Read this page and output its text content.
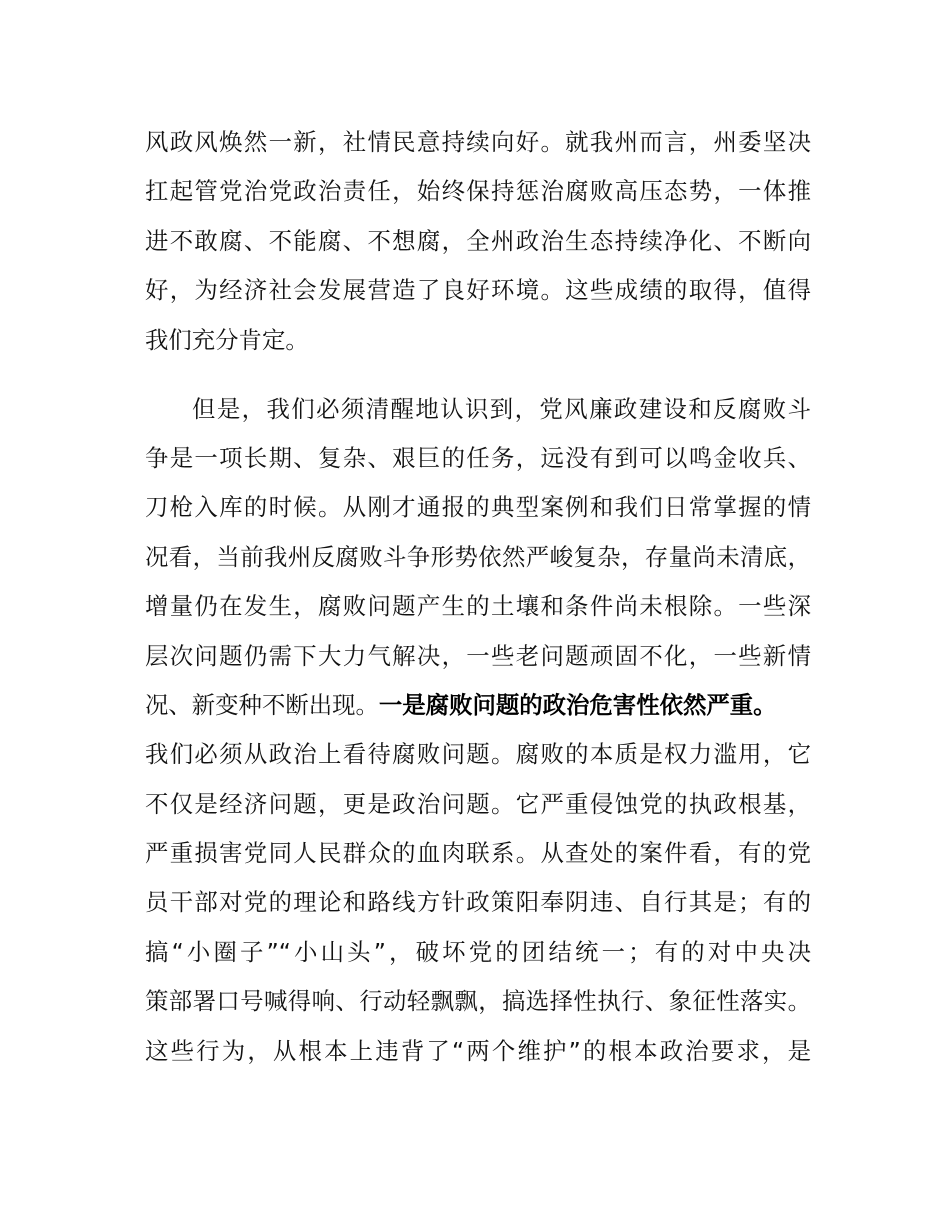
风政风焕然一新，社情民意持续向好。就我州而言，州委坚决
扛起管党治党政治责任，始终保持惩治腐败高压态势，一体推
进不敢腐、不能腐、不想腐，全州政治生态持续净化、不断向
好，为经济社会发展营造了良好环境。这些成绩的取得，值得
我们充分肯定。
但是，我们必须清醒地认识到，党风廉政建设和反腐败斗
争是一项长期、复杂、艰巨的任务，远没有到可以鸣金收兵、
刀枪入库的时候。从刚才通报的典型案例和我们日常掌握的情
况看，当前我州反腐败斗争形势依然严峻复杂，存量尚未清底，
增量仍在发生，腐败问题产生的土壤和条件尚未根除。一些深
层次问题仍需下大力气解决，一些老问题顽固不化，一些新情
况、新变种不断出现。一是腐败问题的政治危害性依然严重。
我们必须从政治上看待腐败问题。腐败的本质是权力滥用，它
不仅是经济问题，更是政治问题。它严重侵蚀党的执政根基，
严重损害党同人民群众的血肉联系。从查处的案件看，有的党
员干部对党的理论和路线方针政策阳奉阴违、自行其是；有的
搞“小圈子”“小山头”，破坏党的团结统一；有的对中央决
策部署口号喊得响、行动轻飘飘，搞选择性执行、象征性落实。
这些行为，从根本上违背了“两个维护”的根本政治要求，是
